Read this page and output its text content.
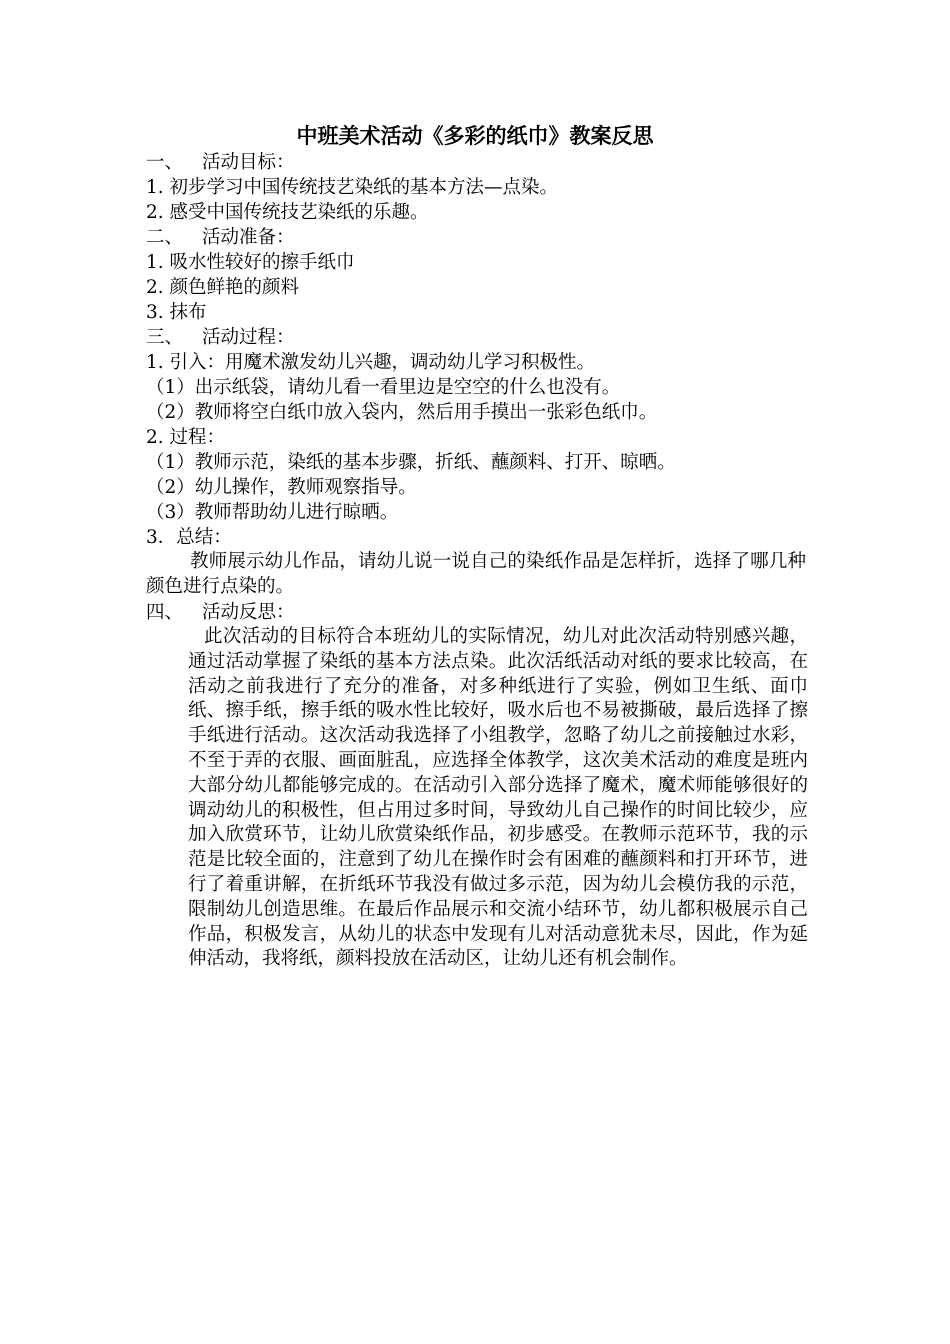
中班美术活动《多彩的纸巾》教案反思
一、 活动目标：
1. 初步学习中国传统技艺染纸的基本方法—点染。
2. 感受中国传统技艺染纸的乐趣。
二、 活动准备：
1. 吸水性较好的擦手纸巾
2. 颜色鲜艳的颜料
3. 抹布
三、 活动过程：
1. 引入：用魔术激发幼儿兴趣，调动幼儿学习积极性。
（1）出示纸袋，请幼儿看一看里边是空空的什么也没有。
（2）教师将空白纸巾放入袋内，然后用手摸出一张彩色纸巾。
2. 过程：
（1）教师示范，染纸的基本步骤，折纸、蘸颜料、打开、晾晒。
（2）幼儿操作，教师观察指导。
（3）教师帮助幼儿进行晾晒。
3．总结：
教师展示幼儿作品，请幼儿说一说自己的染纸作品是怎样折，选择了哪几种颜色进行点染的。
四、 活动反思：
此次活动的目标符合本班幼儿的实际情况，幼儿对此次活动特别感兴趣，通过活动掌握了染纸的基本方法点染。此次活纸活动对纸的要求比较高，在活动之前我进行了充分的准备，对多种纸进行了实验，例如卫生纸、面巾纸、擦手纸，擦手纸的吸水性比较好，吸水后也不易被撕破，最后选择了擦手纸进行活动。这次活动我选择了小组教学，忽略了幼儿之前接触过水彩，不至于弄的衣服、画面脏乱，应选择全体教学，这次美术活动的难度是班内大部分幼儿都能够完成的。在活动引入部分选择了魔术，魔术师能够很好的调动幼儿的积极性，但占用过多时间，导致幼儿自己操作的时间比较少，应加入欣赏环节，让幼儿欣赏染纸作品，初步感受。在教师示范环节，我的示范是比较全面的，注意到了幼儿在操作时会有困难的蘸颜料和打开环节，进行了着重讲解，在折纸环节我没有做过多示范，因为幼儿会模仿我的示范，限制幼儿创造思维。在最后作品展示和交流小结环节，幼儿都积极展示自己作品，积极发言，从幼儿的状态中发现有儿对活动意犹未尽，因此，作为延伸活动，我将纸，颜料投放在活动区，让幼儿还有机会制作。
